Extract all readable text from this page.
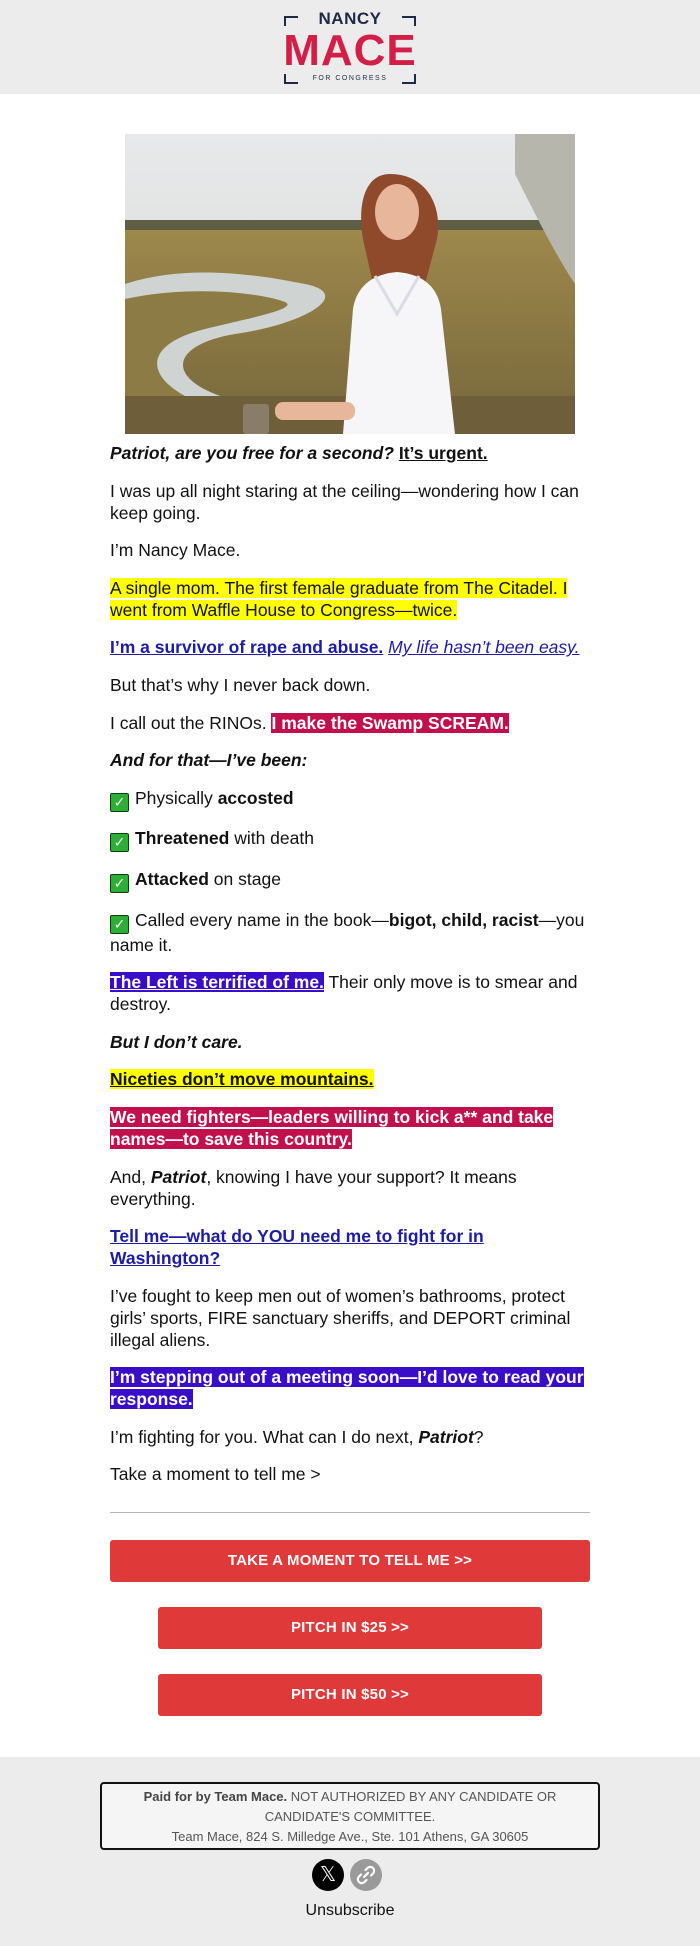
NANCY
MACE
FOR CONGRESS

Patriot, are you free for a second? It’s urgent.

I was up all night staring at the ceiling—wondering how I can keep going.

I’m Nancy Mace.

A single mom. The first female graduate from The Citadel. I went from Waffle House to Congress—twice.

I’m a survivor of rape and abuse. My life hasn’t been easy.

But that’s why I never back down.

I call out the RINOs. I make the Swamp SCREAM.

And for that—I’ve been:

✓ Physically accosted

✓ Threatened with death

✓ Attacked on stage

✓ Called every name in the book—bigot, child, racist—you name it.

The Left is terrified of me. Their only move is to smear and destroy.

But I don’t care.

Niceties don’t move mountains.

We need fighters—leaders willing to kick a** and take names—to save this country.

And, Patriot, knowing I have your support? It means everything.

Tell me—what do YOU need me to fight for in Washington?

I’ve fought to keep men out of women’s bathrooms, protect girls’ sports, FIRE sanctuary sheriffs, and DEPORT criminal illegal aliens.

I’m stepping out of a meeting soon—I’d love to read your response.

I’m fighting for you. What can I do next, Patriot?

Take a moment to tell me >

TAKE A MOMENT TO TELL ME >>
PITCH IN $25 >>
PITCH IN $50 >>
Paid for by Team Mace. NOT AUTHORIZED BY ANY CANDIDATE OR CANDIDATE'S COMMITTEE.
Team Mace, 824 S. Milledge Ave., Ste. 101 Athens, GA 30605
𝕏
Unsubscribe
